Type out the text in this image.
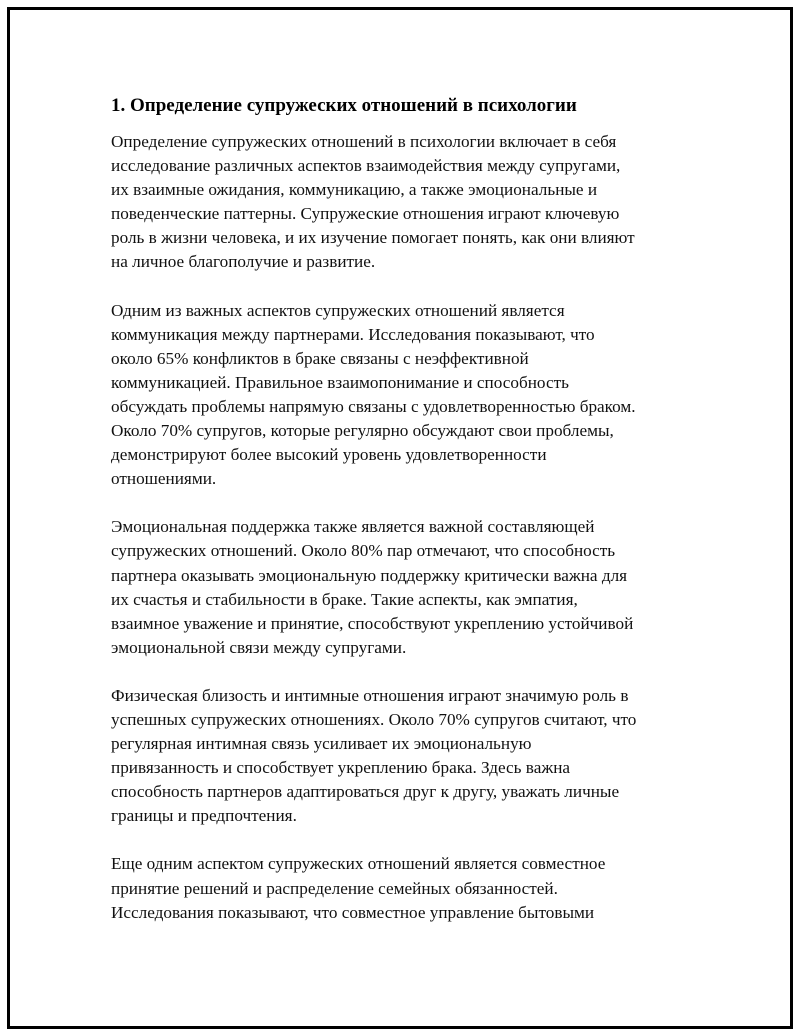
1. Определение супружеских отношений в психологии

Определение супружеских отношений в психологии включает в себя
исследование различных аспектов взаимодействия между супругами,
их взаимные ожидания, коммуникацию, а также эмоциональные и
поведенческие паттерны. Супружеские отношения играют ключевую
роль в жизни человека, и их изучение помогает понять, как они влияют
на личное благополучие и развитие.

Одним из важных аспектов супружеских отношений является
коммуникация между партнерами. Исследования показывают, что
около 65% конфликтов в браке связаны с неэффективной
коммуникацией. Правильное взаимопонимание и способность
обсуждать проблемы напрямую связаны с удовлетворенностью браком.
Около 70% супругов, которые регулярно обсуждают свои проблемы,
демонстрируют более высокий уровень удовлетворенности
отношениями.

Эмоциональная поддержка также является важной составляющей
супружеских отношений. Около 80% пар отмечают, что способность
партнера оказывать эмоциональную поддержку критически важна для
их счастья и стабильности в браке. Такие аспекты, как эмпатия,
взаимное уважение и принятие, способствуют укреплению устойчивой
эмоциональной связи между супругами.

Физическая близость и интимные отношения играют значимую роль в
успешных супружеских отношениях. Около 70% супругов считают, что
регулярная интимная связь усиливает их эмоциональную
привязанность и способствует укреплению брака. Здесь важна
способность партнеров адаптироваться друг к другу, уважать личные
границы и предпочтения.

Еще одним аспектом супружеских отношений является совместное
принятие решений и распределение семейных обязанностей.
Исследования показывают, что совместное управление бытовыми
